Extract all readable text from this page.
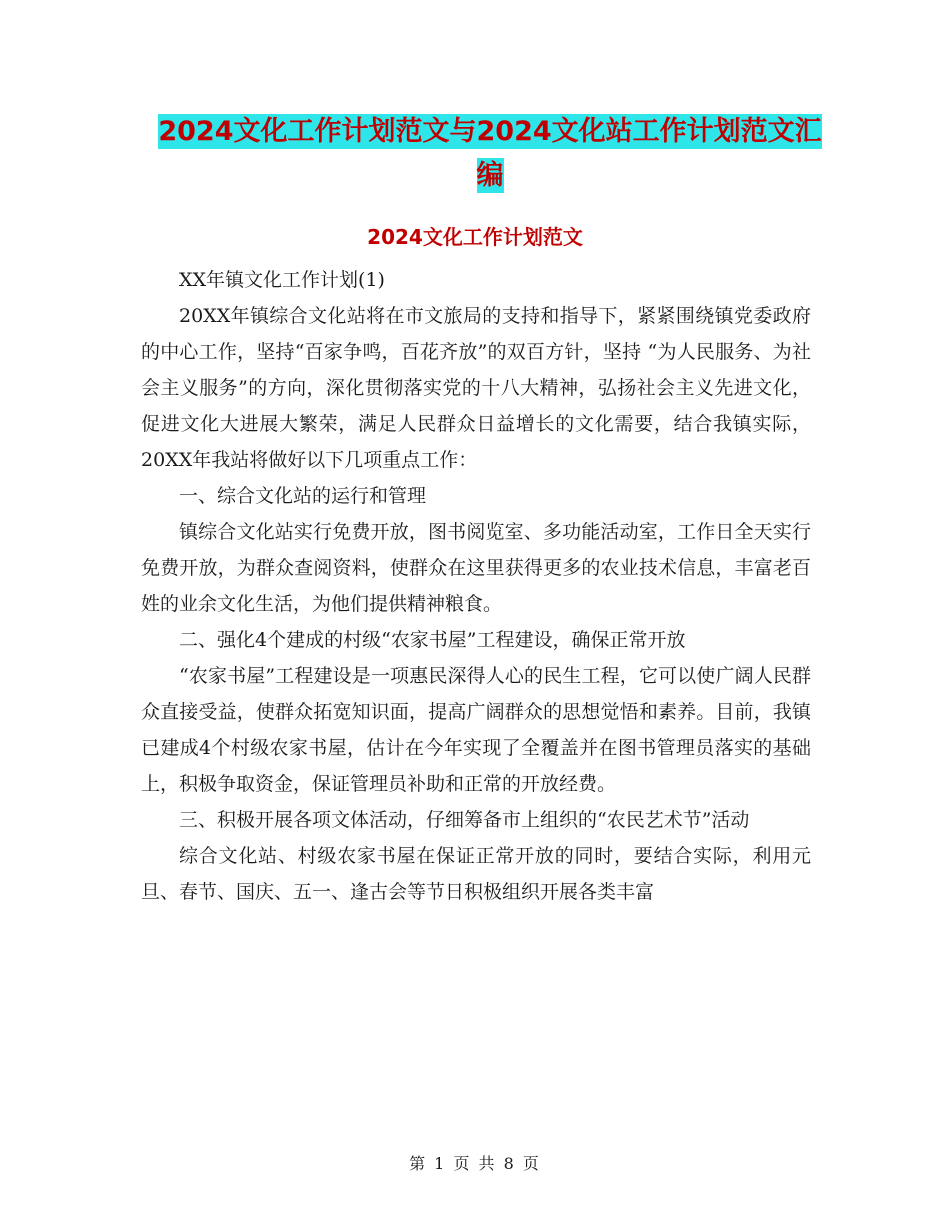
2024文化工作计划范文与2024文化站工作计划范文汇编
2024文化工作计划范文

XX年镇文化工作计划(1)

20XX年镇综合文化站将在市文旅局的支持和指导下，紧紧围绕镇党委政府的中心工作，坚持“百家争鸣，百花齐放”的双百方针，坚持 “为人民服务、为社会主义服务”的方向，深化贯彻落实党的十八大精神，弘扬社会主义先进文化，促进文化大进展大繁荣，满足人民群众日益增长的文化需要，结合我镇实际，20XX年我站将做好以下几项重点工作：

一、综合文化站的运行和管理

镇综合文化站实行免费开放，图书阅览室、多功能活动室，工作日全天实行免费开放，为群众查阅资料，使群众在这里获得更多的农业技术信息，丰富老百姓的业余文化生活，为他们提供精神粮食。

二、强化4个建成的村级“农家书屋”工程建设，确保正常开放

“农家书屋”工程建设是一项惠民深得人心的民生工程，它可以使广阔人民群众直接受益，使群众拓宽知识面，提高广阔群众的思想觉悟和素养。目前，我镇已建成4个村级农家书屋，估计在今年实现了全覆盖并在图书管理员落实的基础上，积极争取资金，保证管理员补助和正常的开放经费。

三、积极开展各项文体活动，仔细筹备市上组织的“农民艺术节”活动

综合文化站、村级农家书屋在保证正常开放的同时，要结合实际，利用元旦、春节、国庆、五一、逢古会等节日积极组织开展各类丰富

第 1 页 共 8 页
